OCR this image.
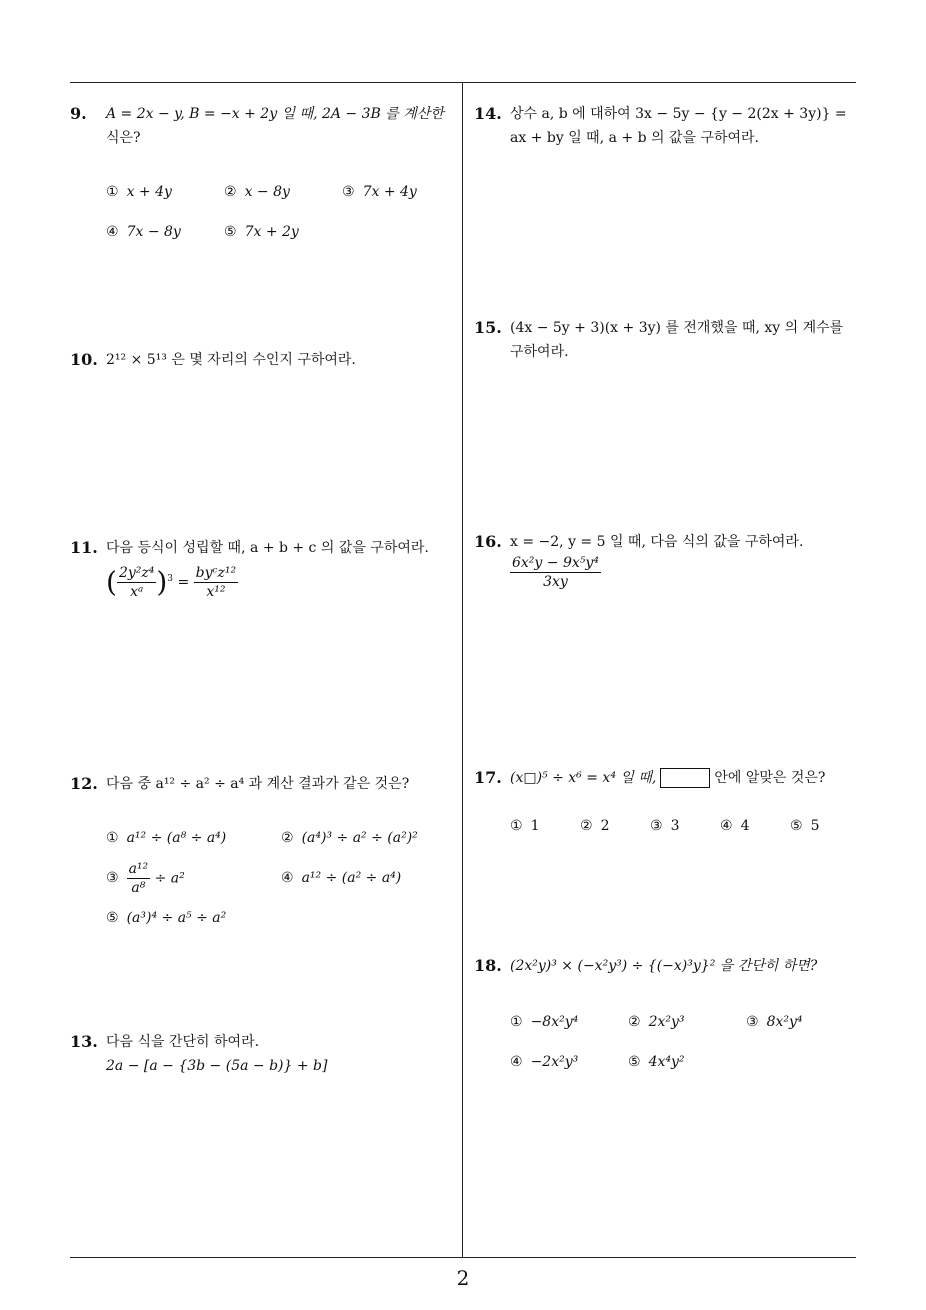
9. A = 2x − y, B = −x + 2y 일 때, 2A − 3B 를 계산한
식은?
① x + 4y	② x − 8y	③ 7x + 4y
④ 7x − 8y	⑤ 7x + 2y
10. 2¹² × 5¹³ 은 몇 자리의 수인지 구하여라.
11. 다음 등식이 성립할 때, a + b + c 의 값을 구하여라.
( $\frac{\text{2y²z⁴}}{\text{xᵃ}} )^3 = \frac{\text{byᶜz¹²}}{\text{x¹²}}$
12. 다음 중 a¹² ÷ a² ÷ a⁴ 과 계산 결과가 같은 것은?
① a¹² ÷ (a⁸ ÷ a⁴)	② (a⁴)³ ÷ a² ÷ (a²)²
③ $\frac{\text{a¹²}}{\text{a⁸}} \div a^2$	④ a¹² ÷ (a² ÷ a⁴)
⑤ (a³)⁴ ÷ a⁵ ÷ a²
13. 다음 식을 간단히 하여라.
2a − [a − {3b − (5a − b)} + b]
14. 상수 a, b 에 대하여 3x − 5y − {y − 2(2x + 3y)} =
ax + by 일 때, a + b 의 값을 구하여라.
15. (4x − 5y + 3)(x + 3y) 를 전개했을 때, xy 의 계수를
구하여라.
16. x = −2, y = 5 일 때, 다음 식의 값을 구하여라.
$\frac{\text{6x²y − 9x⁵y⁴}}{3xy}$
17. (x□)⁵ ÷ x⁶ = x⁴ 일 때,	안에 알맞은 것은?
① 1	② 2	③ 3	④ 4	⑤ 5
18. (2x²y)³ × (−x²y³) ÷ {(−x)³y}² 을 간단히 하면?
① −8x²y⁴	② 2x²y³	③ 8x²y⁴
④ −2x²y³	⑤ 4x⁴y²
2
